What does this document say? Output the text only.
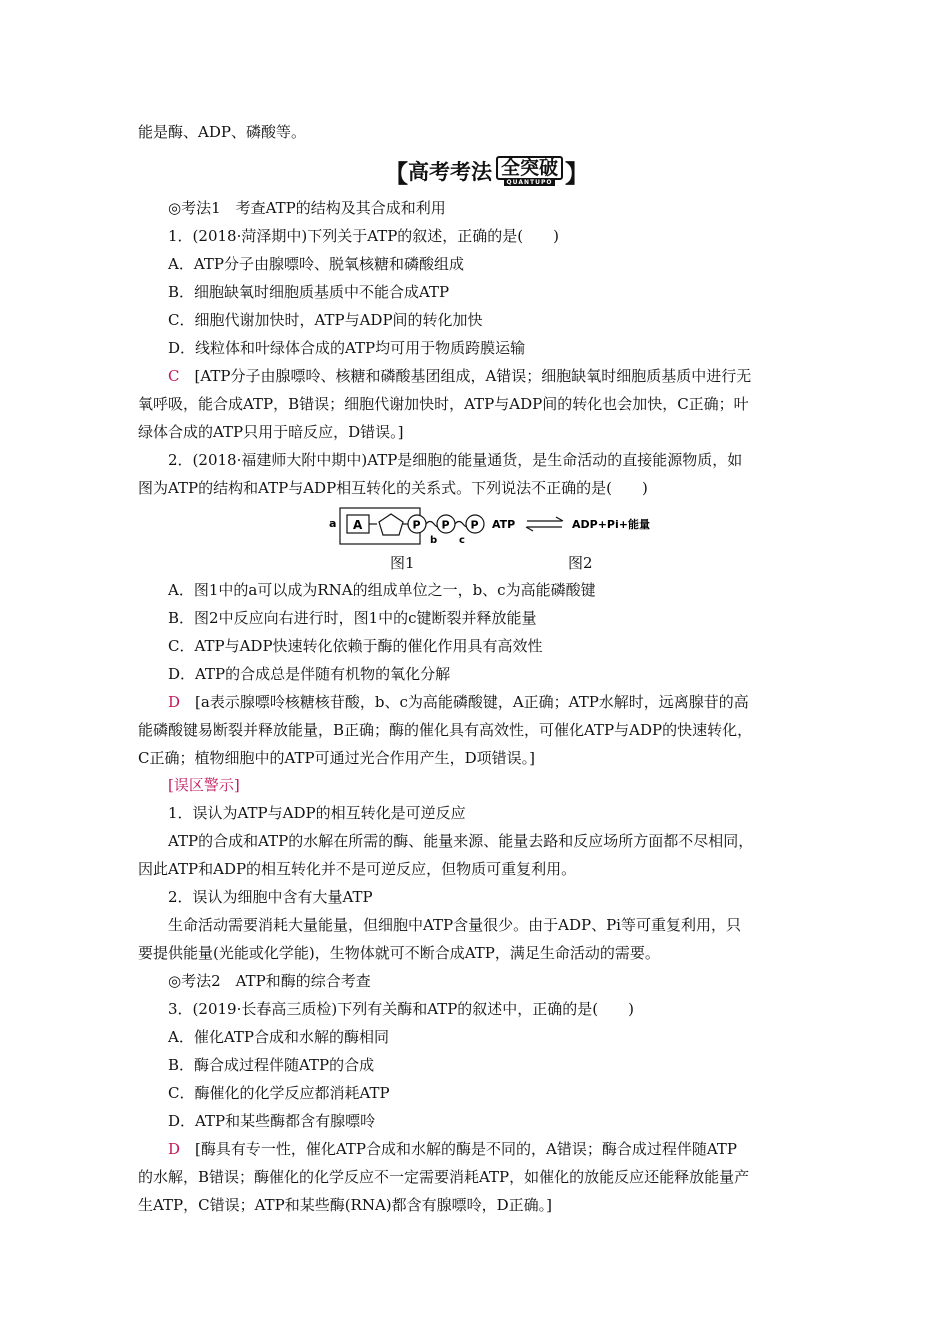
能是酶、ADP、磷酸等。
【 高考考法 全突破
QUANTUPO 】
◎考法1　考查ATP的结构及其合成和利用
1．(2018·菏泽期中)下列关于ATP的叙述，正确的是(　　)
A．ATP分子由腺嘌呤、脱氧核糖和磷酸组成
B．细胞缺氧时细胞质基质中不能合成ATP
C．细胞代谢加快时，ATP与ADP间的转化加快
D．线粒体和叶绿体合成的ATP均可用于物质跨膜运输
C　 [ATP分子由腺嘌呤、核糖和磷酸基团组成，A错误；细胞缺氧时细胞质基质中进行无
氧呼吸，能合成ATP，B错误；细胞代谢加快时，ATP与ADP间的转化也会加快，C正确；叶
绿体合成的ATP只用于暗反应，D错误。]
2．(2018·福建师大附中期中)ATP是细胞的能量通货，是生命活动的直接能源物质，如
图为ATP的结构和ATP与ADP相互转化的关系式。下列说法不正确的是(　　)
a A	P P P
b c
ATP	ADP+Pi+能量
图1	图2
A．图1中的a可以成为RNA的组成单位之一，b、c为高能磷酸键
B．图2中反应向右进行时，图1中的c键断裂并释放能量
C．ATP与ADP快速转化依赖于酶的催化作用具有高效性
D．ATP的合成总是伴随有机物的氧化分解
D　 [a表示腺嘌呤核糖核苷酸，b、c为高能磷酸键，A正确；ATP水解时，远离腺苷的高
能磷酸键易断裂并释放能量，B正确；酶的催化具有高效性，可催化ATP与ADP的快速转化，
C正确；植物细胞中的ATP可通过光合作用产生，D项错误。]
[误区警示]
1．误认为ATP与ADP的相互转化是可逆反应
ATP的合成和ATP的水解在所需的酶、能量来源、能量去路和反应场所方面都不尽相同，
因此ATP和ADP的相互转化并不是可逆反应，但物质可重复利用。
2．误认为细胞中含有大量ATP
生命活动需要消耗大量能量，但细胞中ATP含量很少。由于ADP、Pi等可重复利用，只
要提供能量(光能或化学能)，生物体就可不断合成ATP，满足生命活动的需要。
◎考法2　ATP和酶的综合考查
3．(2019·长春高三质检)下列有关酶和ATP的叙述中，正确的是(　　)
A．催化ATP合成和水解的酶相同
B．酶合成过程伴随ATP的合成
C．酶催化的化学反应都消耗ATP
D．ATP和某些酶都含有腺嘌呤
D　 [酶具有专一性，催化ATP合成和水解的酶是不同的，A错误；酶合成过程伴随ATP
的水解，B错误；酶催化的化学反应不一定需要消耗ATP，如催化的放能反应还能释放能量产
生ATP，C错误；ATP和某些酶(RNA)都含有腺嘌呤，D正确。]
